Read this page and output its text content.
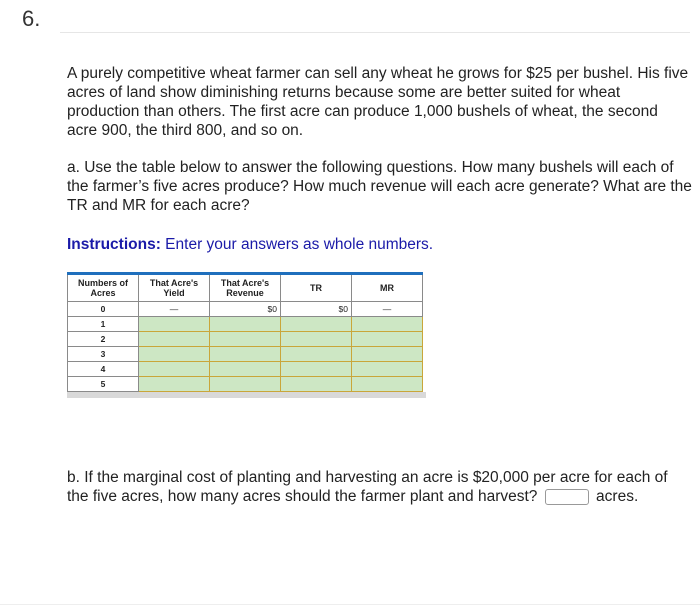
6.
A purely competitive wheat farmer can sell any wheat he grows for $25 per bushel. His five acres of land show diminishing returns because some are better suited for wheat production than others. The first acre can produce 1,000 bushels of wheat, the second acre 900, the third 800, and so on.
a. Use the table below to answer the following questions. How many bushels will each of the farmer’s five acres produce? How much revenue will each acre generate? What are the TR and MR for each acre?
Instructions: Enter your answers as whole numbers.
Numbers of Acres	That Acre's Yield	That Acre's Revenue	TR	MR
0	—	$0	$0	—
1				
2				
3				
4				
5				
b. If the marginal cost of planting and harvesting an acre is $20,000 per acre for each of the five acres, how many acres should the farmer plant and harvest?	acres.
